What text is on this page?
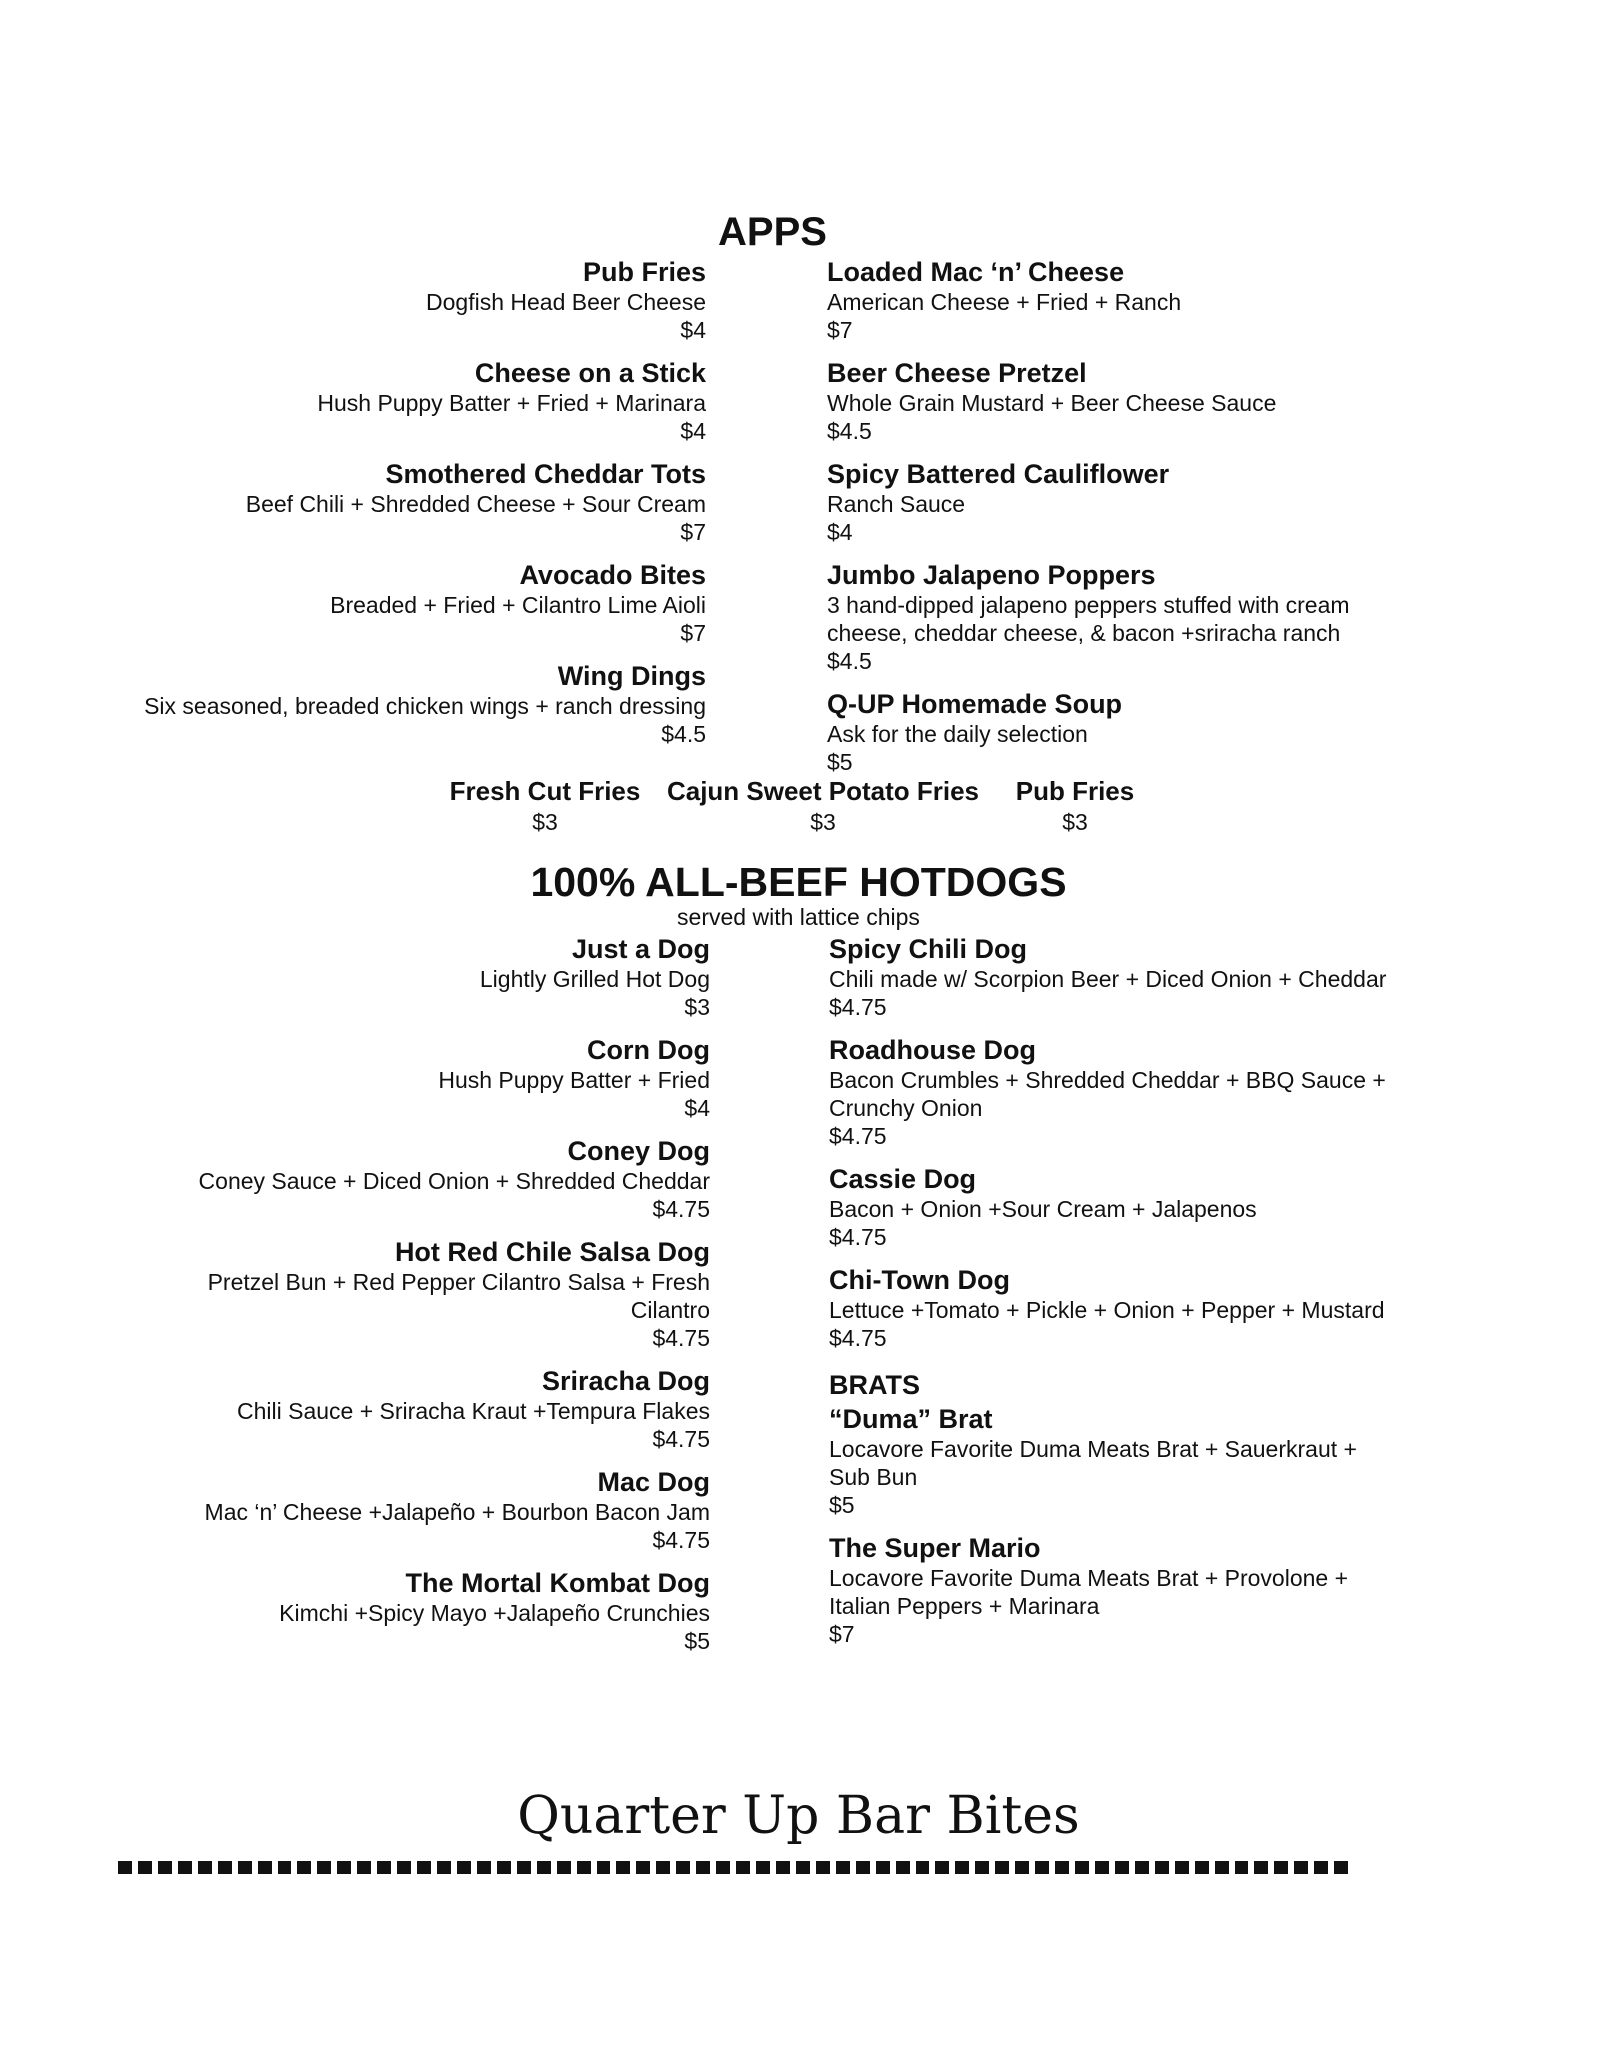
APPS
Pub Fries
Dogfish Head Beer Cheese
$4
Cheese on a Stick
Hush Puppy Batter + Fried + Marinara
$4
Smothered Cheddar Tots
Beef Chili + Shredded Cheese + Sour Cream
$7
Avocado Bites
Breaded + Fried + Cilantro Lime Aioli
$7
Wing Dings
Six seasoned, breaded chicken wings + ranch dressing
$4.5
Loaded Mac ‘n’ Cheese
American Cheese + Fried + Ranch
$7
Beer Cheese Pretzel
Whole Grain Mustard + Beer Cheese Sauce
$4.5
Spicy Battered Cauliflower
Ranch Sauce
$4
Jumbo Jalapeno Poppers
3 hand-dipped jalapeno peppers stuffed with cream cheese, cheddar cheese, & bacon +sriracha ranch
$4.5
Q-UP Homemade Soup
Ask for the daily selection
$5
Fresh Cut Fries
$3
Cajun Sweet Potato Fries
$3
Pub Fries
$3
100% ALL-BEEF HOTDOGS
served with lattice chips
Just a Dog
Lightly Grilled Hot Dog
$3
Corn Dog
Hush Puppy Batter + Fried
$4
Coney Dog
Coney Sauce + Diced Onion + Shredded Cheddar
$4.75
Hot Red Chile Salsa Dog
Pretzel Bun + Red Pepper Cilantro Salsa + Fresh Cilantro
$4.75
Sriracha Dog
Chili Sauce + Sriracha Kraut +Tempura Flakes
$4.75
Mac Dog
Mac ‘n’ Cheese +Jalapeño + Bourbon Bacon Jam
$4.75
The Mortal Kombat Dog
Kimchi +Spicy Mayo +Jalapeño Crunchies
$5
Spicy Chili Dog
Chili made w/ Scorpion Beer + Diced Onion + Cheddar
$4.75
Roadhouse Dog
Bacon Crumbles + Shredded Cheddar + BBQ Sauce + Crunchy Onion
$4.75
Cassie Dog
Bacon + Onion +Sour Cream + Jalapenos
$4.75
Chi-Town Dog
Lettuce +Tomato + Pickle + Onion + Pepper + Mustard
$4.75
BRATS
“Duma” Brat
Locavore Favorite Duma Meats Brat + Sauerkraut + Sub Bun
$5
The Super Mario
Locavore Favorite Duma Meats Brat + Provolone + Italian Peppers + Marinara
$7
Quarter Up Bar Bites
